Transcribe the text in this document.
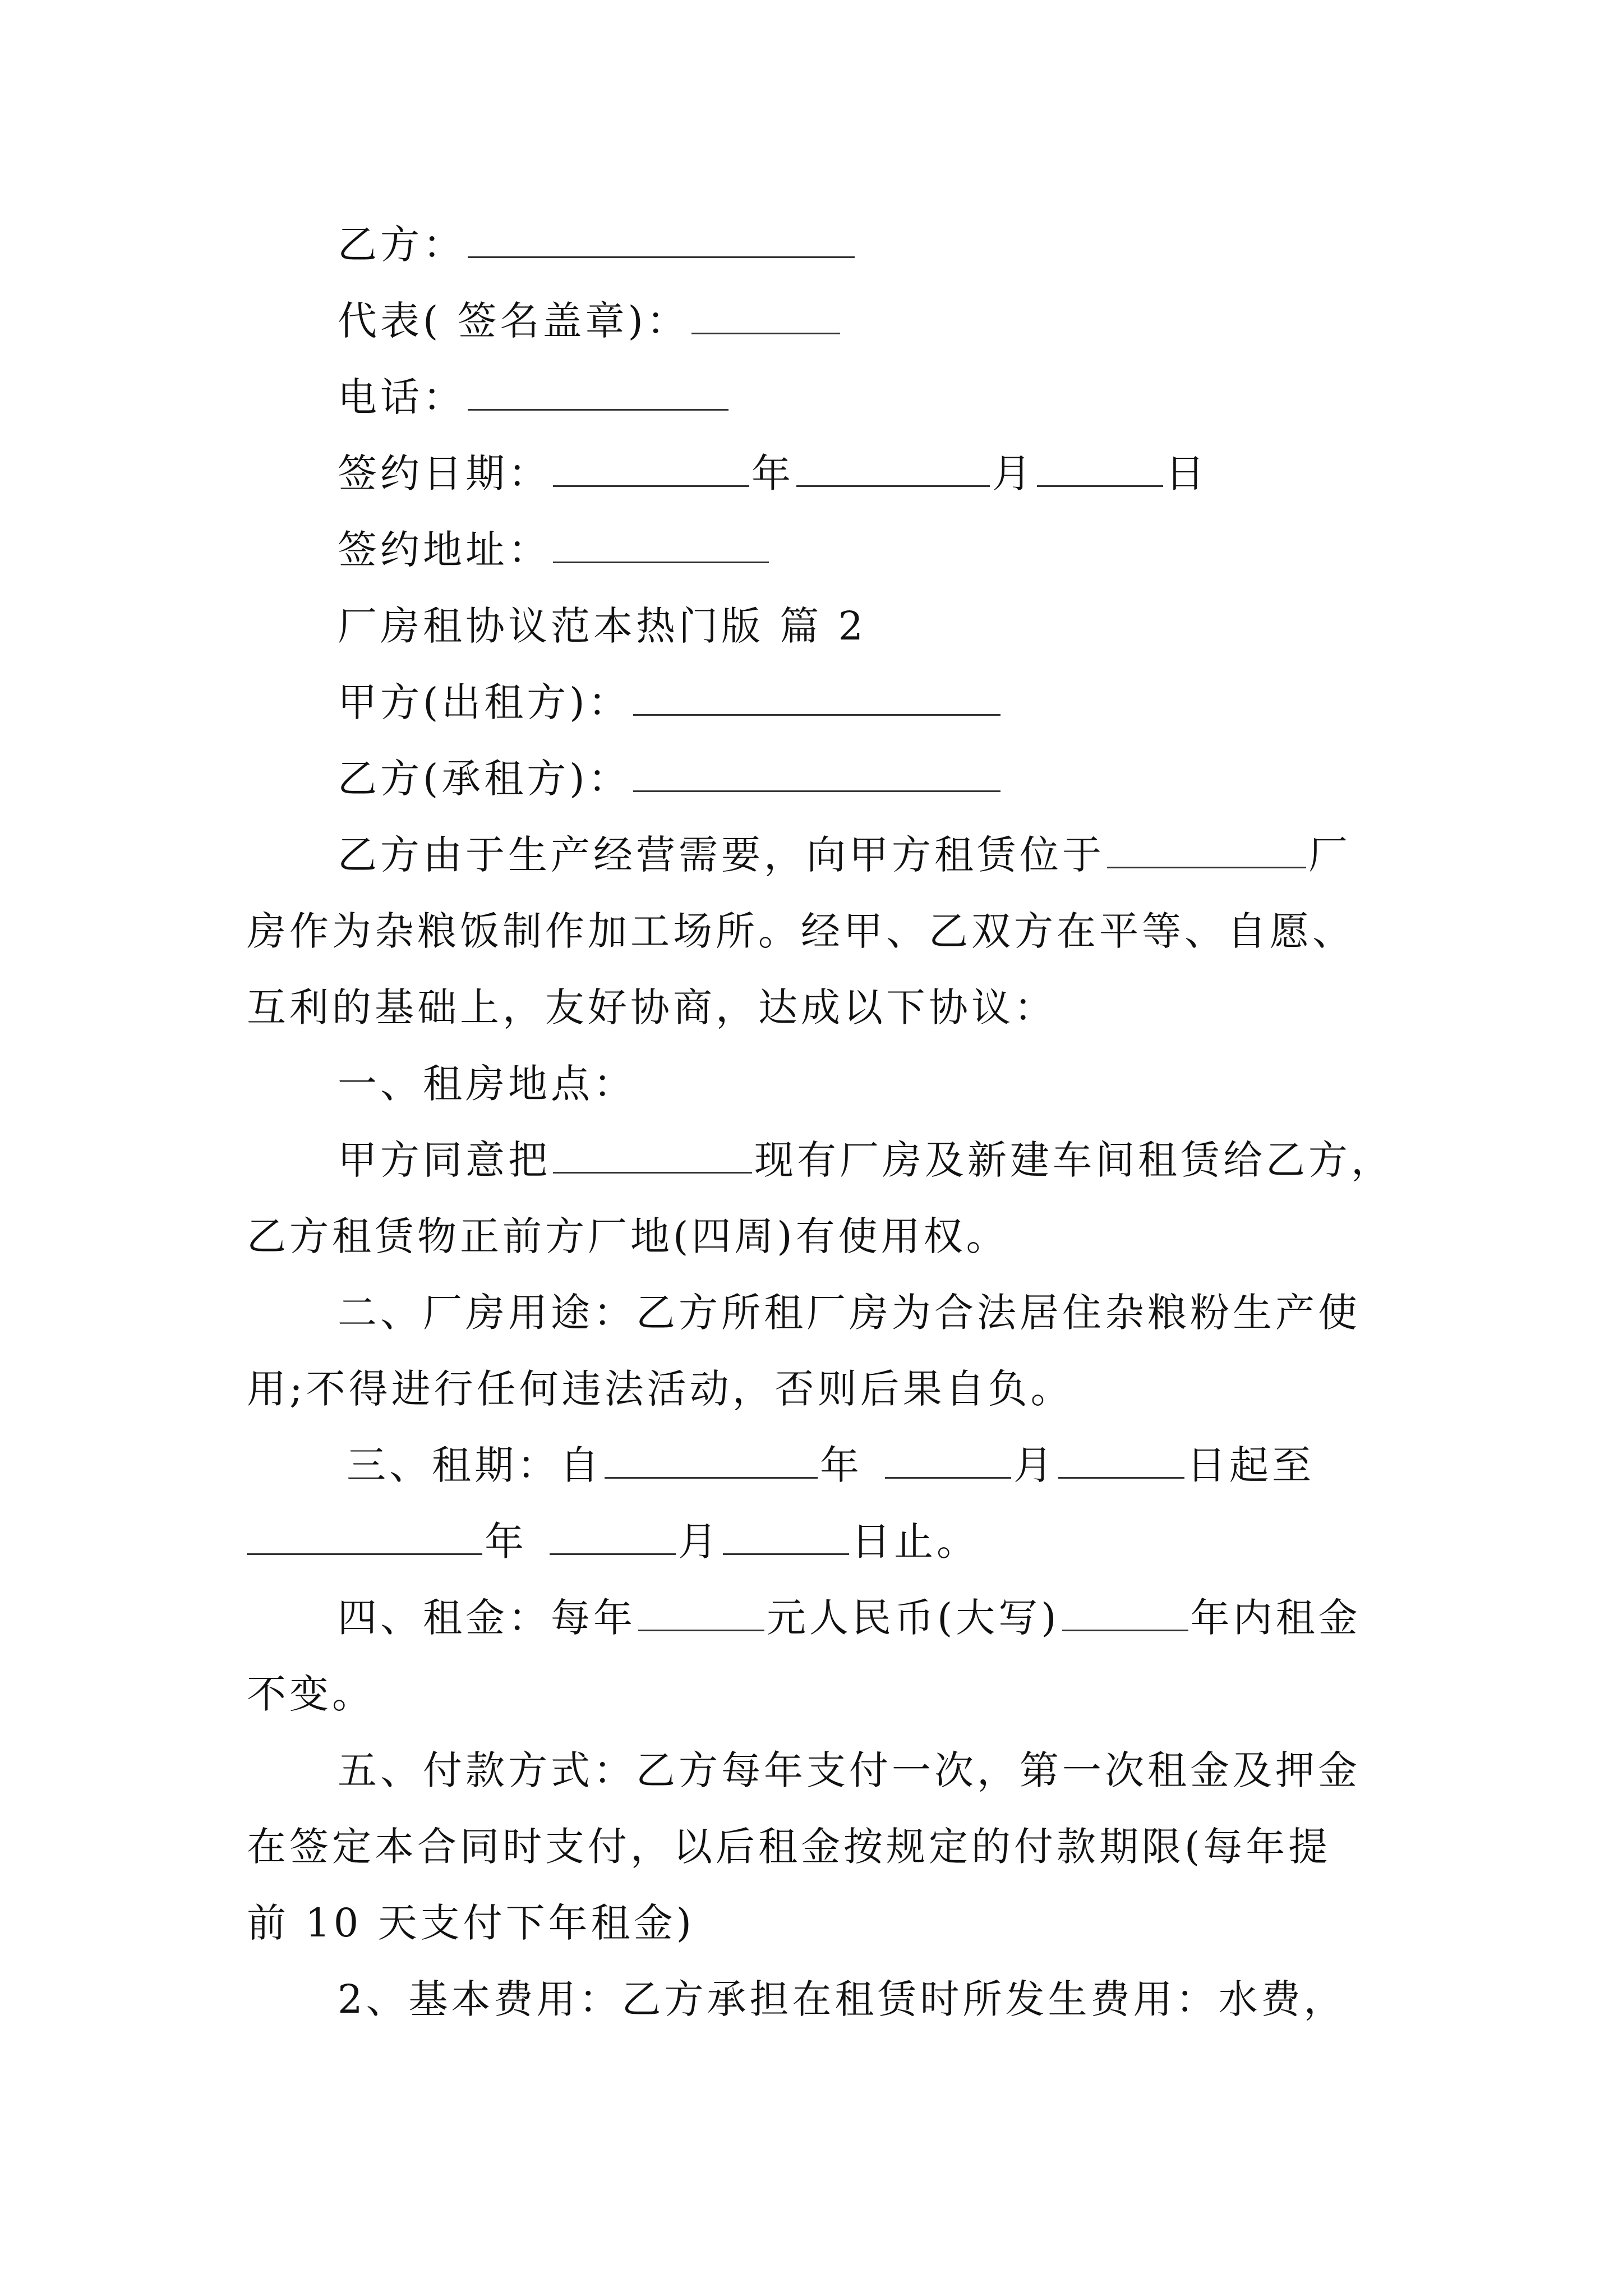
乙方：
代表( 签名盖章)：
电话：
签约日期：	年	月	日
签约地址：
厂房租协议范本热门版 篇 2
甲方(出租方)：
乙方(承租方)：
乙方由于生产经营需要，向甲方租赁位于	厂
房作为杂粮饭制作加工场所。经甲、乙双方在平等、自愿、
互利的基础上，友好协商，达成以下协议：
一、租房地点：
甲方同意把	现有厂房及新建车间租赁给乙方，
乙方租赁物正前方厂地(四周)有使用权。
二、厂房用途：乙方所租厂房为合法居住杂粮粉生产使
用;不得进行任何违法活动，否则后果自负。
三、租期：自	年	月	日起至
年	月	日止。
四、租金：每年	元人民币(大写)	年内租金
不变。
五、付款方式：乙方每年支付一次，第一次租金及押金
在签定本合同时支付，以后租金按规定的付款期限(每年提
前 10 天支付下年租金)
2、基本费用：乙方承担在租赁时所发生费用：水费，
